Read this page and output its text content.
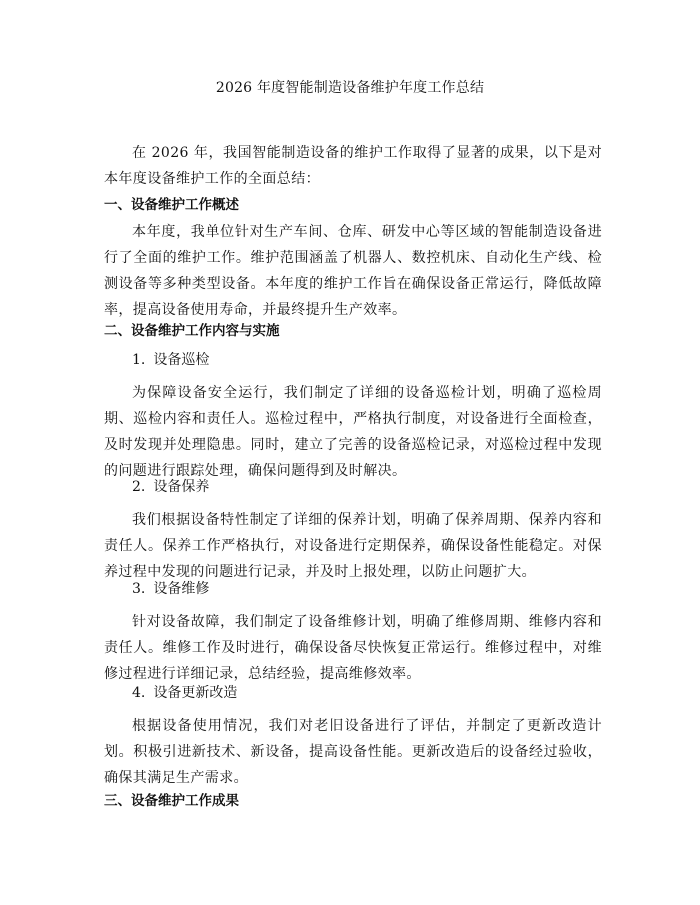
2026 年度智能制造设备维护年度工作总结

在 2026 年，我国智能制造设备的维护工作取得了显著的成果，以下是对本年度设备维护工作的全面总结：

一、设备维护工作概述

本年度，我单位针对生产车间、仓库、研发中心等区域的智能制造设备进行了全面的维护工作。维护范围涵盖了机器人、数控机床、自动化生产线、检测设备等多种类型设备。本年度的维护工作旨在确保设备正常运行，降低故障率，提高设备使用寿命，并最终提升生产效率。

二、设备维护工作内容与实施

1. 设备巡检

为保障设备安全运行，我们制定了详细的设备巡检计划，明确了巡检周期、巡检内容和责任人。巡检过程中，严格执行制度，对设备进行全面检查，及时发现并处理隐患。同时，建立了完善的设备巡检记录，对巡检过程中发现的问题进行跟踪处理，确保问题得到及时解决。

2. 设备保养

我们根据设备特性制定了详细的保养计划，明确了保养周期、保养内容和责任人。保养工作严格执行，对设备进行定期保养，确保设备性能稳定。对保养过程中发现的问题进行记录，并及时上报处理，以防止问题扩大。

3. 设备维修

针对设备故障，我们制定了设备维修计划，明确了维修周期、维修内容和责任人。维修工作及时进行，确保设备尽快恢复正常运行。维修过程中，对维修过程进行详细记录，总结经验，提高维修效率。

4. 设备更新改造

根据设备使用情况，我们对老旧设备进行了评估，并制定了更新改造计划。积极引进新技术、新设备，提高设备性能。更新改造后的设备经过验收，确保其满足生产需求。

三、设备维护工作成果
